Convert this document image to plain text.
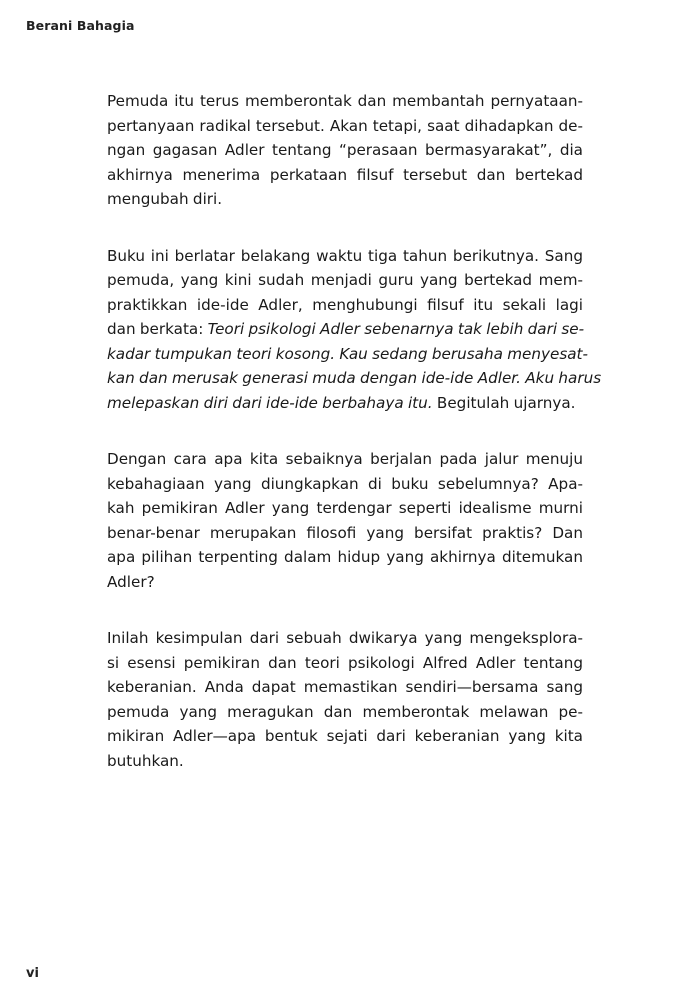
Berani Bahagia

Pemuda itu terus memberontak dan membantah pernyataan-
pertanyaan radikal tersebut. Akan tetapi, saat dihadapkan de-
ngan gagasan Adler tentang “perasaan bermasyarakat”, dia
akhirnya menerima perkataan filsuf tersebut dan bertekad
mengubah diri.

Buku ini berlatar belakang waktu tiga tahun berikutnya. Sang
pemuda, yang kini sudah menjadi guru yang bertekad mem-
praktikkan ide-ide Adler, menghubungi filsuf itu sekali lagi
dan berkata: Teori psikologi Adler sebenarnya tak lebih dari se-
kadar tumpukan teori kosong. Kau sedang berusaha menyesat-
kan dan merusak generasi muda dengan ide-ide Adler. Aku harus
melepaskan diri dari ide-ide berbahaya itu. Begitulah ujarnya.

Dengan cara apa kita sebaiknya berjalan pada jalur menuju
kebahagiaan yang diungkapkan di buku sebelumnya? Apa-
kah pemikiran Adler yang terdengar seperti idealisme murni
benar-benar merupakan filosofi yang bersifat praktis? Dan
apa pilihan terpenting dalam hidup yang akhirnya ditemukan
Adler?

Inilah kesimpulan dari sebuah dwikarya yang mengeksplora-
si esensi pemikiran dan teori psikologi Alfred Adler tentang
keberanian. Anda dapat memastikan sendiri—bersama sang
pemuda yang meragukan dan memberontak melawan pe-
mikiran Adler—apa bentuk sejati dari keberanian yang kita
butuhkan.

vi
